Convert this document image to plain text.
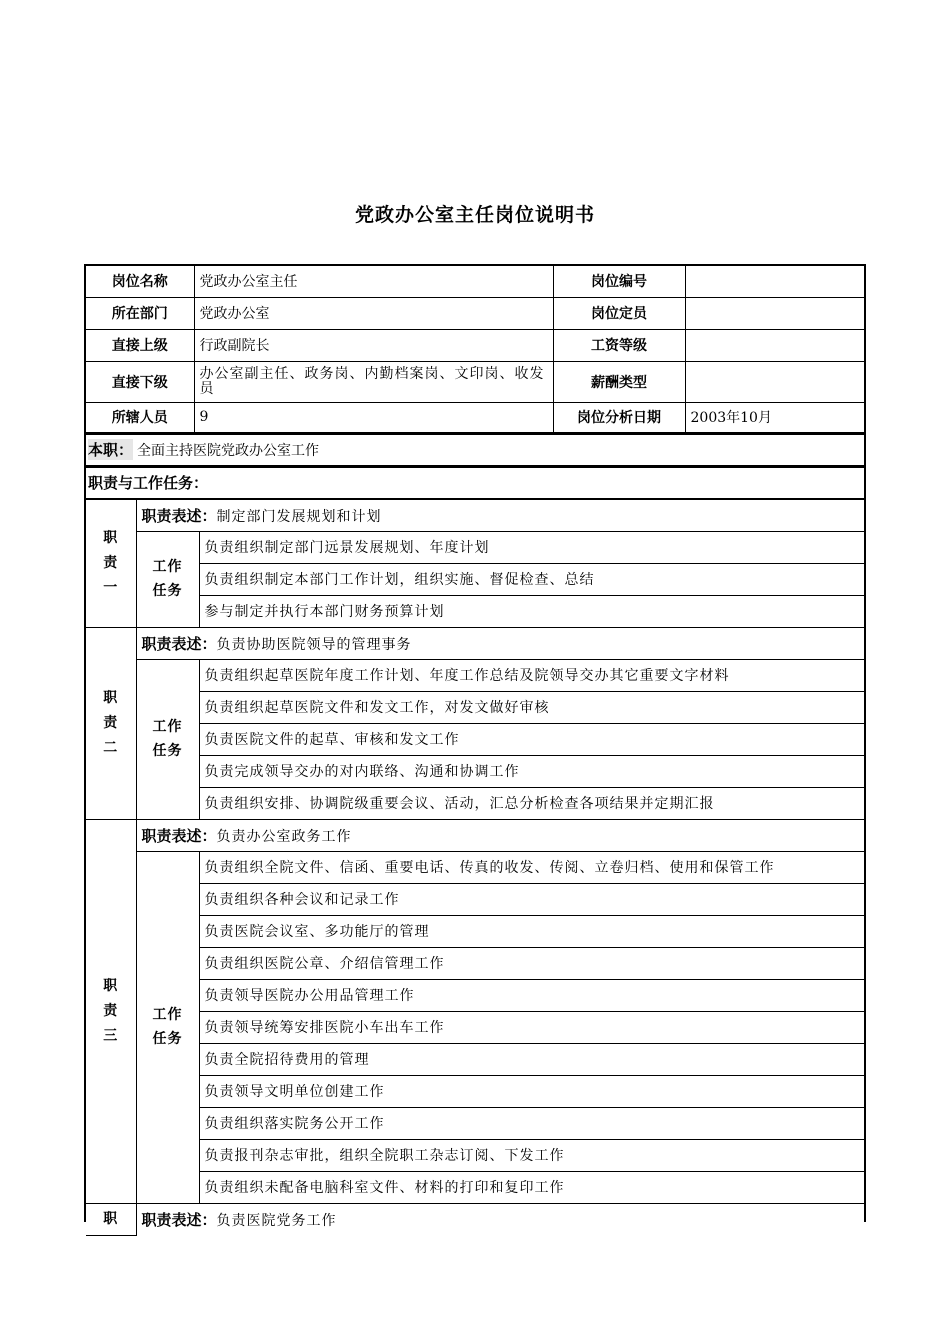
党政办公室主任岗位说明书
岗位名称	党政办公室主任	岗位编号	
所在部门	党政办公室	岗位定员	
直接上级	行政副院长	工资等级	
直接下级	办公室副主任、政务岗、内勤档案岗、文印岗、收发员	薪酬类型	
所辖人员	9	岗位分析日期	2003年10月
本职： 全面主持医院党政办公室工作
职责与工作任务：
职
责
一	职责表述：制定部门发展规划和计划	

	工作
任务	负责组织制定部门远景发展规划、年度计划
		负责组织制定本部门工作计划，组织实施、督促检查、总结
		参与制定并执行本部门财务预算计划

职
责
二	职责表述：负责协助医院领导的管理事务	

	工作
任务	负责组织起草医院年度工作计划、年度工作总结及院领导交办其它重要文字材料
		负责组织起草医院文件和发文工作，对发文做好审核
		负责医院文件的起草、审核和发文工作
		负责完成领导交办的对内联络、沟通和协调工作
		负责组织安排、协调院级重要会议、活动，汇总分析检查各项结果并定期汇报

职
责
三	职责表述：负责办公室政务工作	

	工作
任务	负责组织全院文件、信函、重要电话、传真的收发、传阅、立卷归档、使用和保管工作
		负责组织各种会议和记录工作
		负责医院会议室、多功能厅的管理
		负责组织医院公章、介绍信管理工作
		负责领导医院办公用品管理工作
		负责领导统筹安排医院小车出车工作
		负责全院招待费用的管理
		负责领导文明单位创建工作
		负责组织落实院务公开工作
		负责报刊杂志审批，组织全院职工杂志订阅、下发工作
		负责组织未配备电脑科室文件、材料的打印和复印工作

职	职责表述：负责医院党务工作	
